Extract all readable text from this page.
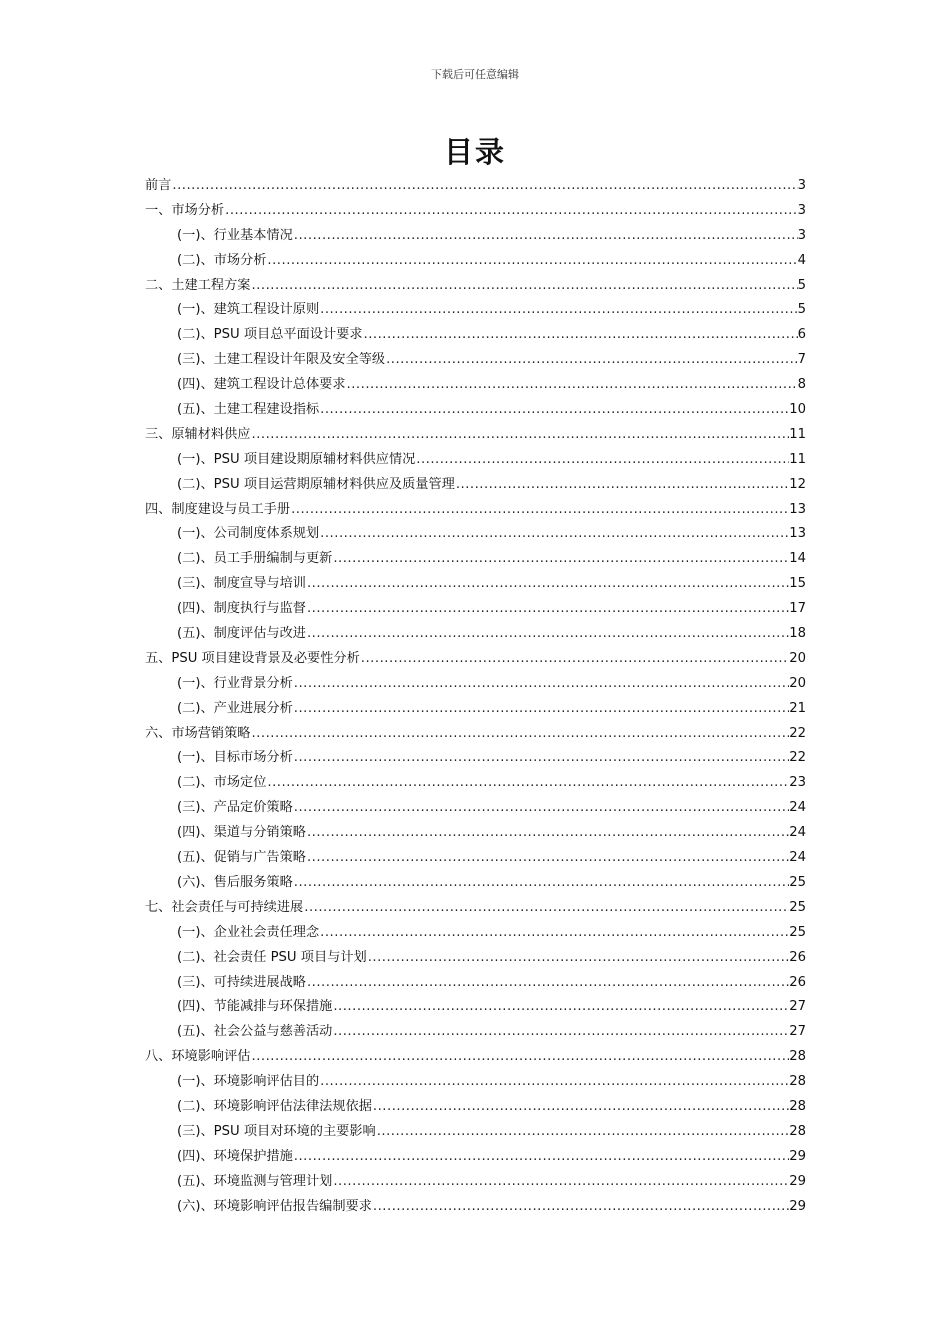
下载后可任意编辑
目录
前言 .....	3
一、市场分析 .....	3
(一)、行业基本情况 .....	3
(二)、市场分析 .....	4
二、土建工程方案 .....	5
(一)、建筑工程设计原则 .....	5
(二)、PSU 项目总平面设计要求 .....	6
(三)、土建工程设计年限及安全等级 .....	7
(四)、建筑工程设计总体要求 .....	8
(五)、土建工程建设指标 .....	10
三、原辅材料供应 .....	11
(一)、PSU 项目建设期原辅材料供应情况 .....	11
(二)、PSU 项目运营期原辅材料供应及质量管理 .....	12
四、制度建设与员工手册 .....	13
(一)、公司制度体系规划 .....	13
(二)、员工手册编制与更新 .....	14
(三)、制度宣导与培训 .....	15
(四)、制度执行与监督 .....	17
(五)、制度评估与改进 .....	18
五、PSU 项目建设背景及必要性分析 .....	20
(一)、行业背景分析 .....	20
(二)、产业进展分析 .....	21
六、市场营销策略 .....	22
(一)、目标市场分析 .....	22
(二)、市场定位 .....	23
(三)、产品定价策略 .....	24
(四)、渠道与分销策略 .....	24
(五)、促销与广告策略 .....	24
(六)、售后服务策略 .....	25
七、社会责任与可持续进展 .....	25
(一)、企业社会责任理念 .....	25
(二)、社会责任 PSU 项目与计划 .....	26
(三)、可持续进展战略 .....	26
(四)、节能减排与环保措施 .....	27
(五)、社会公益与慈善活动 .....	27
八、环境影响评估 .....	28
(一)、环境影响评估目的 .....	28
(二)、环境影响评估法律法规依据 .....	28
(三)、PSU 项目对环境的主要影响 .....	28
(四)、环境保护措施 .....	29
(五)、环境监测与管理计划 .....	29
(六)、环境影响评估报告编制要求 .....	29
